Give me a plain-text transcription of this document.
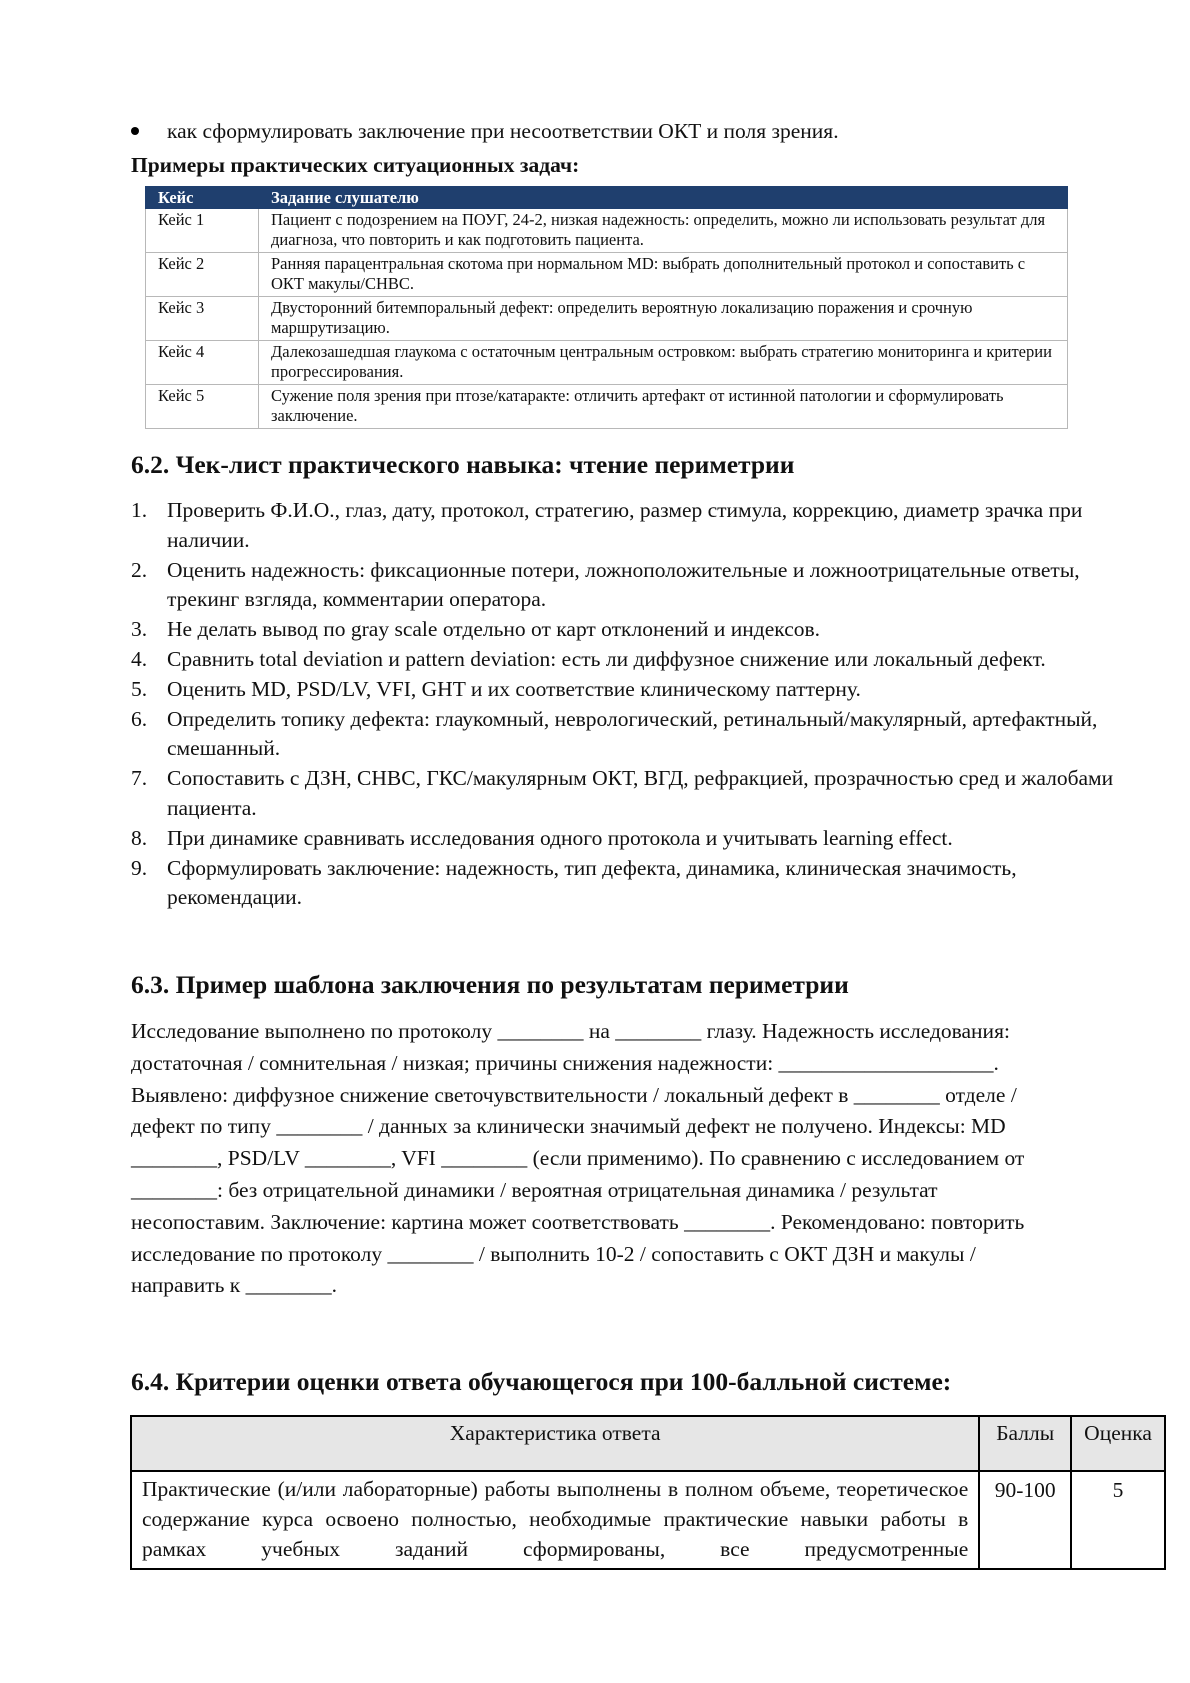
как сформулировать заключение при несоответствии ОКТ и поля зрения.
Примеры практических ситуационных задач:
Кейс	Задание слушателю
Кейс 1	Пациент с подозрением на ПОУГ, 24-2, низкая надежность: определить, можно ли использовать результат для диагноза, что повторить и как подготовить пациента.
Кейс 2	Ранняя парацентральная скотома при нормальном MD: выбрать дополнительный протокол и сопоставить с ОКТ макулы/СНВС.
Кейс 3	Двусторонний битемпоральный дефект: определить вероятную локализацию поражения и срочную маршрутизацию.
Кейс 4	Далекозашедшая глаукома с остаточным центральным островком: выбрать стратегию мониторинга и критерии прогрессирования.
Кейс 5	Сужение поля зрения при птозе/катаракте: отличить артефакт от истинной патологии и сформулировать заключение.
6.2. Чек-лист практического навыка: чтение периметрии
1. Проверить Ф.И.О., глаз, дату, протокол, стратегию, размер стимула, коррекцию, диаметр зрачка при наличии.
2. Оценить надежность: фиксационные потери, ложноположительные и ложноотрицательные ответы, трекинг взгляда, комментарии оператора.
3. Не делать вывод по gray scale отдельно от карт отклонений и индексов.
4. Сравнить total deviation и pattern deviation: есть ли диффузное снижение или локальный дефект.
5. Оценить MD, PSD/LV, VFI, GHT и их соответствие клиническому паттерну.
6. Определить топику дефекта: глаукомный, неврологический, ретинальный/макулярный, артефактный, смешанный.
7. Сопоставить с ДЗН, СНВС, ГКС/макулярным ОКТ, ВГД, рефракцией, прозрачностью сред и жалобами пациента.
8. При динамике сравнивать исследования одного протокола и учитывать learning effect.
9. Сформулировать заключение: надежность, тип дефекта, динамика, клиническая значимость, рекомендации.
6.3. Пример шаблона заключения по результатам периметрии
Исследование выполнено по протоколу ________ на ________ глазу. Надежность исследования: достаточная / сомнительная / низкая; причины снижения надежности: ____________________. Выявлено: диффузное снижение светочувствительности / локальный дефект в ________ отделе / дефект по типу ________ / данных за клинически значимый дефект не получено. Индексы: MD ________, PSD/LV ________, VFI ________ (если применимо). По сравнению с исследованием от ________: без отрицательной динамики / вероятная отрицательная динамика / результат несопоставим. Заключение: картина может соответствовать ________. Рекомендовано: повторить исследование по протоколу ________ / выполнить 10-2 / сопоставить с ОКТ ДЗН и макулы / направить к ________.
6.4. Критерии оценки ответа обучающегося при 100-балльной системе:
Характеристика ответа	Баллы	Оценка
Практические (и/или лабораторные) работы выполнены в полном объеме, теоретическое содержание курса освоено полностью, необходимые практические навыки работы в рамках учебных заданий сформированы, все предусмотренные	90-100	5
